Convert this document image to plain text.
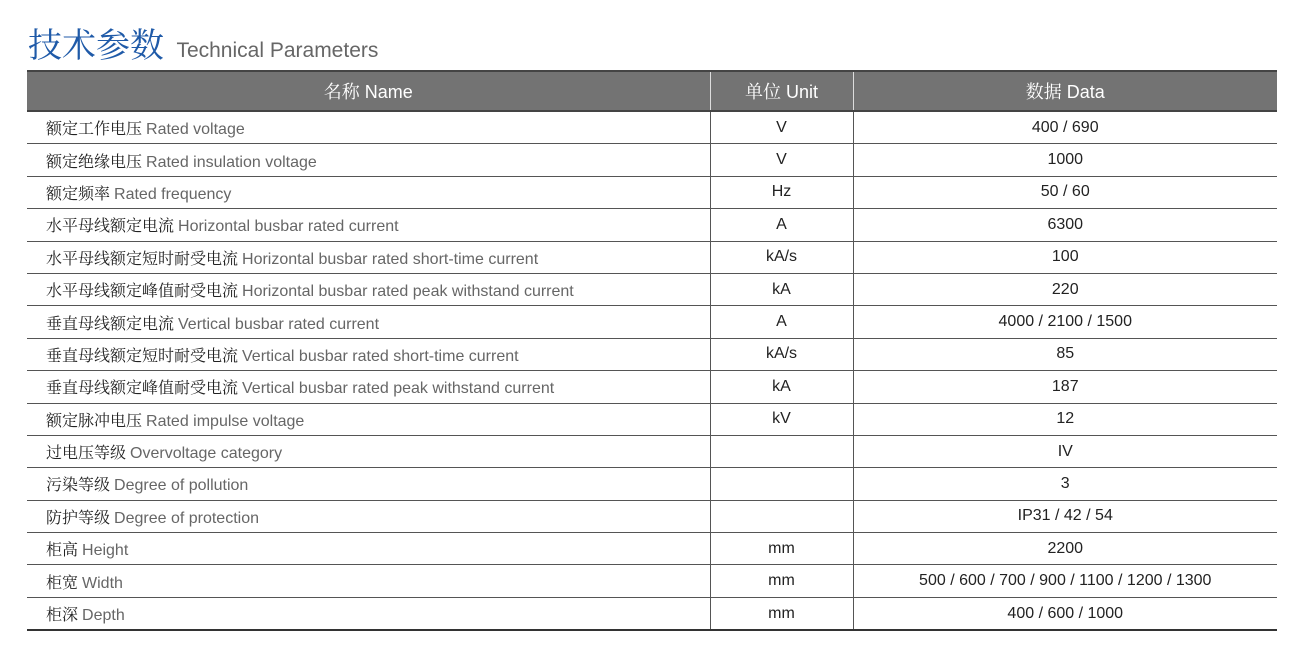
技术参数 Technical Parameters
名称 Name	单位 Unit	数据 Data
额定工作电压 Rated voltage	V	400 / 690
额定绝缘电压 Rated insulation voltage	V	1000
额定频率 Rated frequency	Hz	50 / 60
水平母线额定电流 Horizontal busbar rated current	A	6300
水平母线额定短时耐受电流 Horizontal busbar rated short-time current	kA/s	100
水平母线额定峰值耐受电流 Horizontal busbar rated peak withstand current	kA	220
垂直母线额定电流 Vertical busbar rated current	A	4000 / 2100 / 1500
垂直母线额定短时耐受电流 Vertical busbar rated short-time current	kA/s	85
垂直母线额定峰值耐受电流 Vertical busbar rated peak withstand current	kA	187
额定脉冲电压 Rated impulse voltage	kV	12
过电压等级 Overvoltage category		IV
污染等级 Degree of pollution		3
防护等级 Degree of protection		IP31 / 42 / 54
柜高 Height	mm	2200
柜宽 Width	mm	500 / 600 / 700 / 900 / 1100 / 1200 / 1300
柜深 Depth	mm	400 / 600 / 1000
